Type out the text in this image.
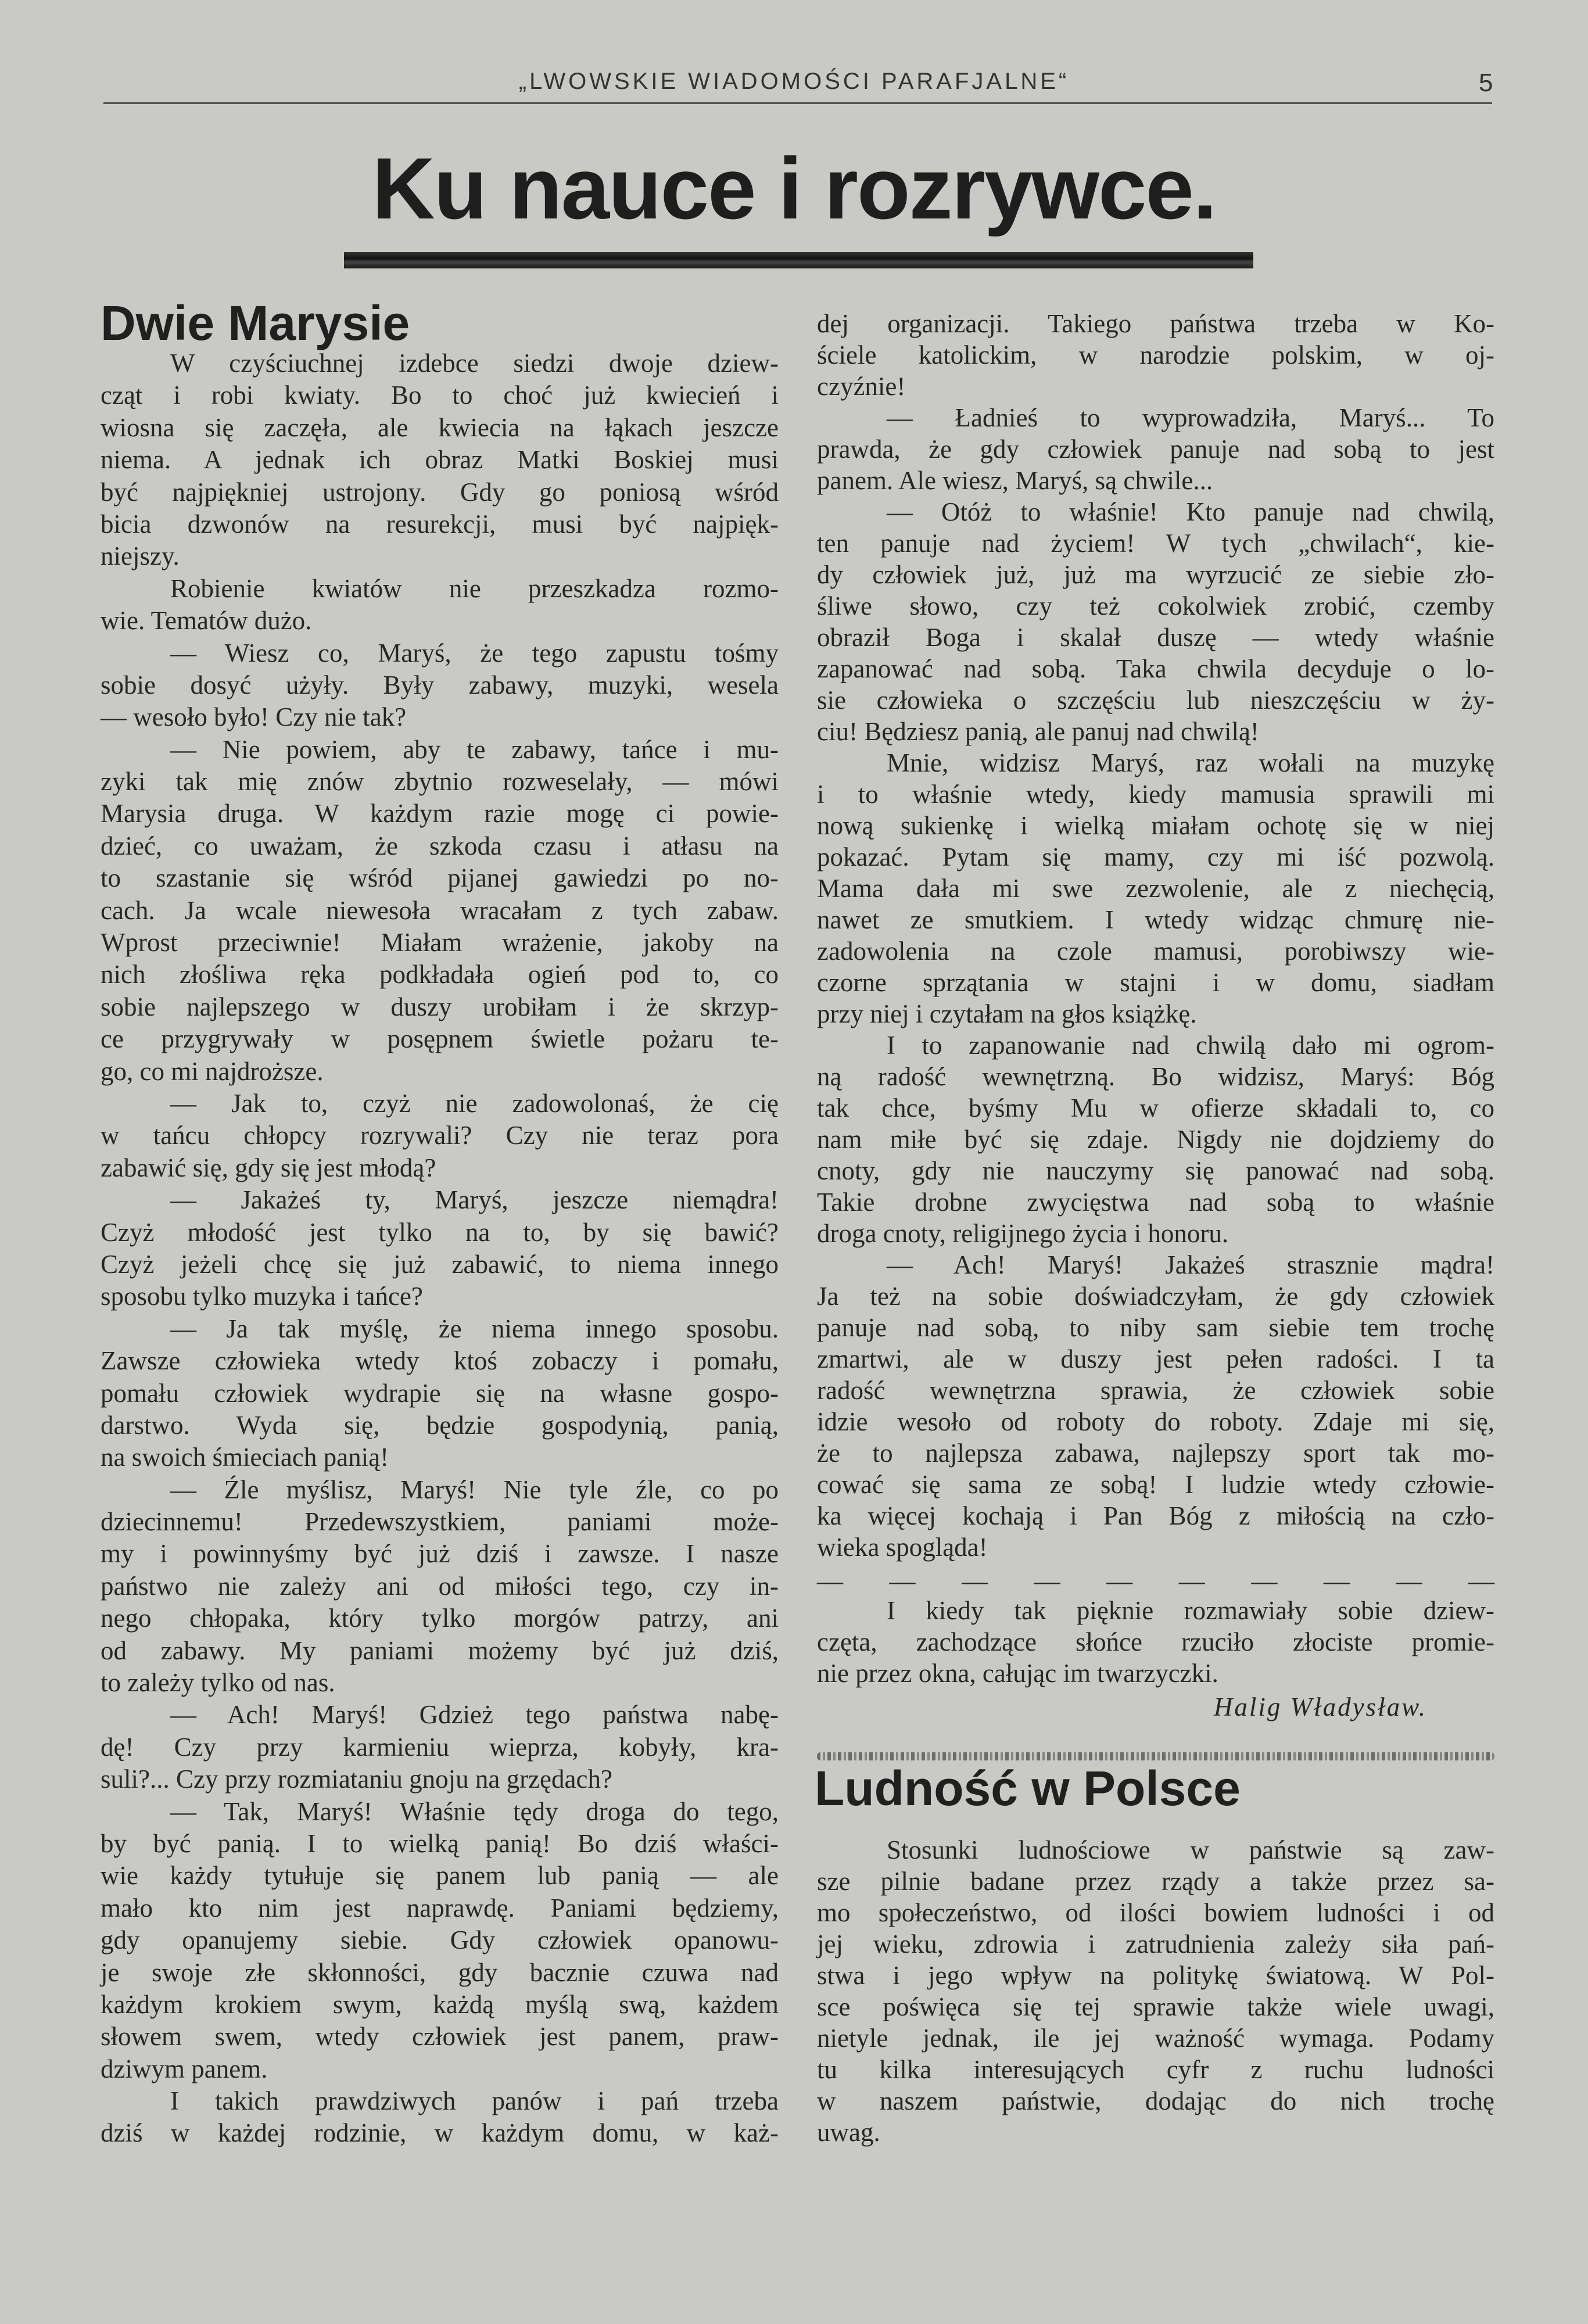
„LWOWSKIE WIADOMOŚCI PARAFJALNE“	5
Ku nauce i rozrywce.
Dwie Marysie
W czyściuchnej izdebce siedzi dwoje dziew-
cząt i robi kwiaty. Bo to choć już kwiecień i
wiosna się zaczęła, ale kwiecia na łąkach jeszcze
niema. A jednak ich obraz Matki Boskiej musi
być najpiękniej ustrojony. Gdy go poniosą wśród
bicia dzwonów na resurekcji, musi być najpięk-
niejszy.
Robienie kwiatów nie przeszkadza rozmo-
wie. Tematów dużo.
— Wiesz co, Maryś, że tego zapustu tośmy
sobie dosyć użyły. Były zabawy, muzyki, wesela
— wesoło było! Czy nie tak?
— Nie powiem, aby te zabawy, tańce i mu-
zyki tak mię znów zbytnio rozweselały, — mówi
Marysia druga. W każdym razie mogę ci powie-
dzieć, co uważam, że szkoda czasu i atłasu na
to szastanie się wśród pijanej gawiedzi po no-
cach. Ja wcale niewesoła wracałam z tych zabaw.
Wprost przeciwnie! Miałam wrażenie, jakoby na
nich złośliwa ręka podkładała ogień pod to, co
sobie najlepszego w duszy urobiłam i że skrzyp-
ce przygrywały w posępnem świetle pożaru te-
go, co mi najdroższe.
— Jak to, czyż nie zadowolonaś, że cię
w tańcu chłopcy rozrywali? Czy nie teraz pora
zabawić się, gdy się jest młodą?
— Jakażeś ty, Maryś, jeszcze niemądra!
Czyż młodość jest tylko na to, by się bawić?
Czyż jeżeli chcę się już zabawić, to niema innego
sposobu tylko muzyka i tańce?
— Ja tak myślę, że niema innego sposobu.
Zawsze człowieka wtedy ktoś zobaczy i pomału,
pomału człowiek wydrapie się na własne gospo-
darstwo. Wyda się, będzie gospodynią, panią,
na swoich śmieciach panią!
— Źle myślisz, Maryś! Nie tyle źle, co po
dziecinnemu! Przedewszystkiem, paniami może-
my i powinnyśmy być już dziś i zawsze. I nasze
państwo nie zależy ani od miłości tego, czy in-
nego chłopaka, który tylko morgów patrzy, ani
od zabawy. My paniami możemy być już dziś,
to zależy tylko od nas.
— Ach! Maryś! Gdzież tego państwa nabę-
dę! Czy przy karmieniu wieprza, kobyły, kra-
suli?... Czy przy rozmiataniu gnoju na grzędach?
— Tak, Maryś! Właśnie tędy droga do tego,
by być panią. I to wielką panią! Bo dziś właści-
wie każdy tytułuje się panem lub panią — ale
mało kto nim jest naprawdę. Paniami będziemy,
gdy opanujemy siebie. Gdy człowiek opanowu-
je swoje złe skłonności, gdy bacznie czuwa nad
każdym krokiem swym, każdą myślą swą, każdem
słowem swem, wtedy człowiek jest panem, praw-
dziwym panem.
I takich prawdziwych panów i pań trzeba
dziś w każdej rodzinie, w każdym domu, w każ-
dej organizacji. Takiego państwa trzeba w Ko-
ściele katolickim, w narodzie polskim, w oj-
czyźnie!
— Ładnieś to wyprowadziła, Maryś... To
prawda, że gdy człowiek panuje nad sobą to jest
panem. Ale wiesz, Maryś, są chwile...
— Otóż to właśnie! Kto panuje nad chwilą,
ten panuje nad życiem! W tych „chwilach“, kie-
dy człowiek już, już ma wyrzucić ze siebie zło-
śliwe słowo, czy też cokolwiek zrobić, czemby
obraził Boga i skalał duszę — wtedy właśnie
zapanować nad sobą. Taka chwila decyduje o lo-
sie człowieka o szczęściu lub nieszczęściu w ży-
ciu! Będziesz panią, ale panuj nad chwilą!
Mnie, widzisz Maryś, raz wołali na muzykę
i to właśnie wtedy, kiedy mamusia sprawili mi
nową sukienkę i wielką miałam ochotę się w niej
pokazać. Pytam się mamy, czy mi iść pozwolą.
Mama dała mi swe zezwolenie, ale z niechęcią,
nawet ze smutkiem. I wtedy widząc chmurę nie-
zadowolenia na czole mamusi, porobiwszy wie-
czorne sprzątania w stajni i w domu, siadłam
przy niej i czytałam na głos książkę.
I to zapanowanie nad chwilą dało mi ogrom-
ną radość wewnętrzną. Bo widzisz, Maryś: Bóg
tak chce, byśmy Mu w ofierze składali to, co
nam miłe być się zdaje. Nigdy nie dojdziemy do
cnoty, gdy nie nauczymy się panować nad sobą.
Takie drobne zwycięstwa nad sobą to właśnie
droga cnoty, religijnego życia i honoru.
— Ach! Maryś! Jakażeś strasznie mądra!
Ja też na sobie doświadczyłam, że gdy człowiek
panuje nad sobą, to niby sam siebie tem trochę
zmartwi, ale w duszy jest pełen radości. I ta
radość wewnętrzna sprawia, że człowiek sobie
idzie wesoło od roboty do roboty. Zdaje mi się,
że to najlepsza zabawa, najlepszy sport tak mo-
cować się sama ze sobą! I ludzie wtedy człowie-
ka więcej kochają i Pan Bóg z miłością na czło-
wieka spogląda!
— — — — — — — — — —
I kiedy tak pięknie rozmawiały sobie dziew-
częta, zachodzące słońce rzuciło złociste promie-
nie przez okna, całując im twarzyczki.
Halig Władysław.
Ludność w Polsce
Stosunki ludnościowe w państwie są zaw-
sze pilnie badane przez rządy a także przez sa-
mo społeczeństwo, od ilości bowiem ludności i od
jej wieku, zdrowia i zatrudnienia zależy siła pań-
stwa i jego wpływ na politykę światową. W Pol-
sce poświęca się tej sprawie także wiele uwagi,
nietyle jednak, ile jej ważność wymaga. Podamy
tu kilka interesujących cyfr z ruchu ludności
w naszem państwie, dodając do nich trochę
uwag.
